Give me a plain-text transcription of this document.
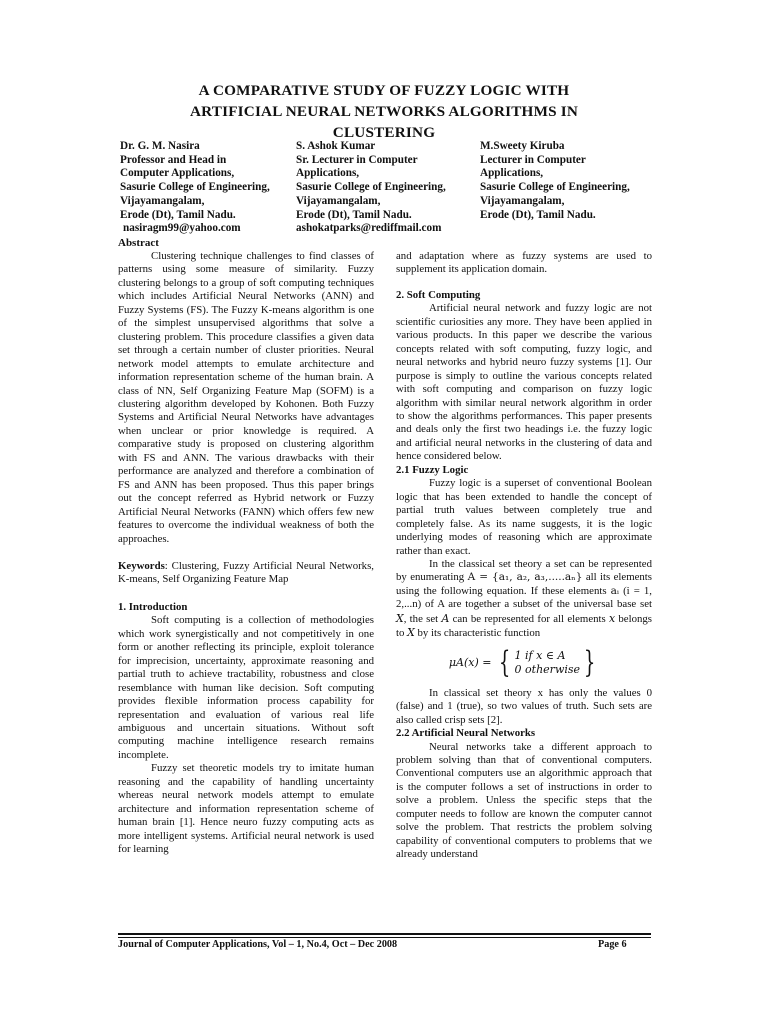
A COMPARATIVE STUDY OF FUZZY LOGIC WITH
ARTIFICIAL NEURAL NETWORKS ALGORITHMS IN
CLUSTERING
Dr. G. M. Nasira
Professor and Head in
Computer Applications,
Sasurie College of Engineering,
Vijayamangalam,
Erode (Dt), Tamil Nadu.
nasiragm99@yahoo.com
S. Ashok Kumar
Sr. Lecturer in Computer
Applications,
Sasurie College of Engineering,
Vijayamangalam,
Erode (Dt), Tamil Nadu.
ashokatparks@rediffmail.com
M.Sweety Kiruba
Lecturer in Computer
Applications,
Sasurie College of Engineering,
Vijayamangalam,
Erode (Dt), Tamil Nadu.
Abstract

Clustering technique challenges to find classes of patterns using some measure of similarity. Fuzzy clustering belongs to a group of soft computing techniques which includes Artificial Neural Networks (ANN) and Fuzzy Systems (FS). The Fuzzy K-means algorithm is one of the simplest unsupervised algorithms that solve a clustering problem. This procedure classifies a given data set through a certain number of cluster priorities. Neural network model attempts to emulate architecture and information representation scheme of the human brain. A class of NN, Self Organizing Feature Map (SOFM) is a clustering algorithm developed by Kohonen. Both Fuzzy Systems and Artificial Neural Networks have advantages when unclear or prior knowledge is required. A comparative study is proposed on clustering algorithm with FS and ANN. The various drawbacks with their performance are analyzed and therefore a combination of FS and ANN has been proposed. Thus this paper brings out the concept referred as Hybrid network or Fuzzy Artificial Neural Networks (FANN) which offers few new features to overcome the individual weakness of both the approaches.

Keywords: Clustering, Fuzzy Artificial Neural Networks, K-means, Self Organizing Feature Map

1. Introduction

Soft computing is a collection of methodologies which work synergistically and not competitively in one form or another reflecting its principle, exploit tolerance for imprecision, uncertainty, approximate reasoning and partial truth to achieve tractability, robustness and close resemblance with human like decision. Soft computing provides flexible information process capability for representation and evaluation of various real life ambiguous and uncertain situations. Without soft computing machine intelligence research remains incomplete.

Fuzzy set theoretic models try to imitate human reasoning and the capability of handling uncertainty whereas neural network models attempt to emulate architecture and information representation scheme of human brain [1]. Hence neuro fuzzy computing acts as more intelligent systems. Artificial neural network is used for learning

and adaptation where as fuzzy systems are used to supplement its application domain.

2. Soft Computing

Artificial neural network and fuzzy logic are not scientific curiosities any more. They have been applied in various products. In this paper we describe the various concepts related with soft computing, fuzzy logic, and neural networks and hybrid neuro fuzzy systems [1]. Our purpose is simply to outline the various concepts related with soft computing and comparison on fuzzy logic algorithm with similar neural network algorithm in order to show the algorithms performances. This paper presents and deals only the first two headings i.e. the fuzzy logic and artificial neural networks in the clustering of data and hence considered below.

2.1 Fuzzy Logic

Fuzzy logic is a superset of conventional Boolean logic that has been extended to handle the concept of partial truth values between completely true and completely false. As its name suggests, it is the logic underlying modes of reasoning which are approximate rather than exact.

In the classical set theory a set can be represented by enumerating A = {a₁, a₂, a₃,.....aₙ} all its elements using the following equation. If these elements aᵢ (i = 1, 2,...n) of A are together a subset of the universal base set X, the set A can be represented for all elements x belongs to X by its characteristic function

μA(x) = { 1 if x ∈ A
0 otherwise }

In classical set theory x has only the values 0 (false) and 1 (true), so two values of truth. Such sets are also called crisp sets [2].

2.2 Artificial Neural Networks

Neural networks take a different approach to problem solving than that of conventional computers. Conventional computers use an algorithmic approach that is the computer follows a set of instructions in order to solve a problem. Unless the specific steps that the computer needs to follow are known the computer cannot solve the problem. That restricts the problem solving capability of conventional computers to problems that we already understand

Journal of Computer Applications, Vol – 1, No.4, Oct – Dec 2008	Page 6
